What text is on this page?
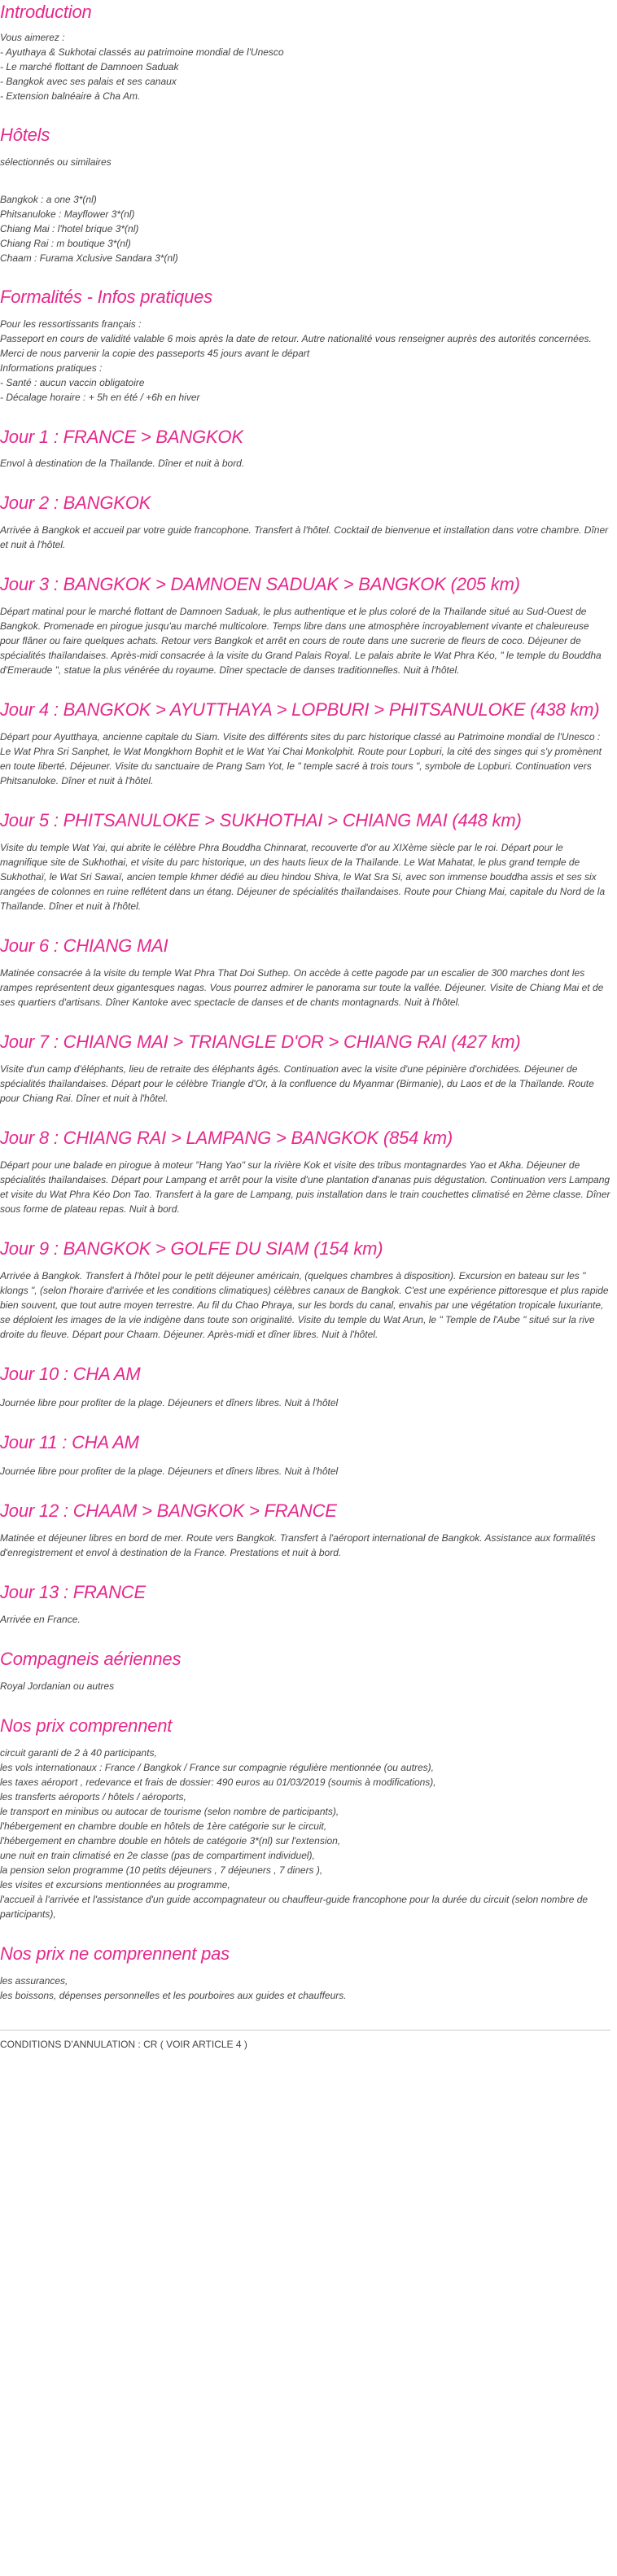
Introduction
Vous aimerez :
- Ayuthaya & Sukhotai classés au patrimoine mondial de l'Unesco
- Le marché flottant de Damnoen Saduak
- Bangkok avec ses palais et ses canaux
- Extension balnéaire à Cha Am.
Hôtels
sélectionnés ou similaires
Bangkok : a one 3*(nl)
Phitsanuloke : Mayflower 3*(nl)
Chiang Mai : l'hotel brique 3*(nl)
Chiang Rai : m boutique 3*(nl)
Chaam : Furama Xclusive Sandara 3*(nl)
Formalités - Infos pratiques
Pour les ressortissants français :
Passeport en cours de validité valable 6 mois après la date de retour. Autre nationalité vous renseigner auprès des autorités concernées.
Merci de nous parvenir la copie des passeports 45 jours avant le départ
Informations pratiques :
- Santé : aucun vaccin obligatoire
- Décalage horaire : + 5h en été / +6h en hiver
Jour 1 : FRANCE > BANGKOK
Envol à destination de la Thaïlande. Dîner et nuit à bord.
Jour 2 : BANGKOK
Arrivée à Bangkok et accueil par votre guide francophone. Transfert à l'hôtel. Cocktail de bienvenue et installation dans votre chambre. Dîner et nuit à l'hôtel.
Jour 3 : BANGKOK > DAMNOEN SADUAK > BANGKOK (205 km)
Départ matinal pour le marché flottant de Damnoen Saduak, le plus authentique et le plus coloré de la Thaïlande situé au Sud-Ouest de Bangkok. Promenade en pirogue jusqu'au marché multicolore. Temps libre dans une atmosphère incroyablement vivante et chaleureuse pour flâner ou faire quelques achats. Retour vers Bangkok et arrêt en cours de route dans une sucrerie de fleurs de coco. Déjeuner de spécialités thaïlandaises. Après-midi consacrée à la visite du Grand Palais Royal. Le palais abrite le Wat Phra Kéo, " le temple du Bouddha d'Emeraude ", statue la plus vénérée du royaume. Dîner spectacle de danses traditionnelles. Nuit à l'hôtel.
Jour 4 : BANGKOK > AYUTTHAYA > LOPBURI > PHITSANULOKE (438 km)
Départ pour Ayutthaya, ancienne capitale du Siam. Visite des différents sites du parc historique classé au Patrimoine mondial de l'Unesco : Le Wat Phra Sri Sanphet, le Wat Mongkhorn Bophit et le Wat Yai Chai Monkolphit. Route pour Lopburi, la cité des singes qui s'y promènent en toute liberté. Déjeuner. Visite du sanctuaire de Prang Sam Yot, le " temple sacré à trois tours ", symbole de Lopburi. Continuation vers Phitsanuloke. Dîner et nuit à l'hôtel.
Jour 5 : PHITSANULOKE > SUKHOTHAI > CHIANG MAI (448 km)
Visite du temple Wat Yai, qui abrite le célèbre Phra Bouddha Chinnarat, recouverte d'or au XIXème siècle par le roi. Départ pour le magnifique site de Sukhothai, et visite du parc historique, un des hauts lieux de la Thaïlande. Le Wat Mahatat, le plus grand temple de Sukhothaï, le Wat Sri Sawaï, ancien temple khmer dédié au dieu hindou Shiva, le Wat Sra Si, avec son immense bouddha assis et ses six rangées de colonnes en ruine reflétent dans un étang. Déjeuner de spécialités thaïlandaises. Route pour Chiang Mai, capitale du Nord de la Thaïlande. Dîner et nuit à l'hôtel.
Jour 6 : CHIANG MAI
Matinée consacrée à la visite du temple Wat Phra That Doi Suthep. On accède à cette pagode par un escalier de 300 marches dont les rampes représentent deux gigantesques nagas. Vous pourrez admirer le panorama sur toute la vallée. Déjeuner. Visite de Chiang Mai et de ses quartiers d'artisans. Dîner Kantoke avec spectacle de danses et de chants montagnards. Nuit à l'hôtel.
Jour 7 : CHIANG MAI > TRIANGLE D'OR > CHIANG RAI (427 km)
Visite d'un camp d'éléphants, lieu de retraite des éléphants âgés. Continuation avec la visite d'une pépinière d'orchidées. Déjeuner de spécialités thaïlandaises. Départ pour le célèbre Triangle d'Or, à la confluence du Myanmar (Birmanie), du Laos et de la Thaïlande. Route pour Chiang Rai. Dîner et nuit à l'hôtel.
Jour 8 : CHIANG RAI > LAMPANG > BANGKOK (854 km)
Départ pour une balade en pirogue à moteur "Hang Yao" sur la rivière Kok et visite des tribus montagnardes Yao et Akha. Déjeuner de spécialités thaïlandaises. Départ pour Lampang et arrêt pour la visite d'une plantation d'ananas puis dégustation. Continuation vers Lampang et visite du Wat Phra Kéo Don Tao. Transfert à la gare de Lampang, puis installation dans le train couchettes climatisé en 2ème classe. Dîner sous forme de plateau repas. Nuit à bord.
Jour 9 : BANGKOK > GOLFE DU SIAM (154 km)
Arrivée à Bangkok. Transfert à l'hôtel pour le petit déjeuner américain, (quelques chambres à disposition). Excursion en bateau sur les " klongs ", (selon l'horaire d'arrivée et les conditions climatiques) célèbres canaux de Bangkok. C'est une expérience pittoresque et plus rapide bien souvent, que tout autre moyen terrestre. Au fil du Chao Phraya, sur les bords du canal, envahis par une végétation tropicale luxuriante, se déploient les images de la vie indigène dans toute son originalité. Visite du temple du Wat Arun, le " Temple de l'Aube " situé sur la rive droite du fleuve. Départ pour Chaam. Déjeuner. Après-midi et dîner libres. Nuit à l'hôtel.
Jour 10 : CHA AM
Journée libre pour profiter de la plage. Déjeuners et dîners libres. Nuit à l'hôtel
Jour 11 : CHA AM
Journée libre pour profiter de la plage. Déjeuners et dîners libres. Nuit à l'hôtel
Jour 12 : CHAAM > BANGKOK > FRANCE
Matinée et déjeuner libres en bord de mer. Route vers Bangkok. Transfert à l'aéroport international de Bangkok. Assistance aux formalités d'enregistrement et envol à destination de la France. Prestations et nuit à bord.
Jour 13 : FRANCE
Arrivée en France.
Compagneis aériennes
Royal Jordanian ou autres
Nos prix comprennent
circuit garanti de 2 à 40 participants,
les vols internationaux : France / Bangkok / France sur compagnie régulière mentionnée (ou autres),
les taxes aéroport , redevance et frais de dossier: 490 euros au 01/03/2019 (soumis à modifications),
les transferts aéroports / hôtels / aéroports,
le transport en minibus ou autocar de tourisme (selon nombre de participants),
l'hébergement en chambre double en hôtels de 1ère catégorie sur le circuit,
l'hébergement en chambre double en hôtels de catégorie 3*(nl) sur l'extension,
une nuit en train climatisé en 2e classe (pas de compartiment individuel),
la pension selon programme (10 petits déjeuners , 7 déjeuners , 7 diners ),
les visites et excursions mentionnées au programme,
l'accueil à l'arrivée et l'assistance d'un guide accompagnateur ou chauffeur-guide francophone pour la durée du circuit (selon nombre de participants),
Nos prix ne comprennent pas
les assurances,
les boissons, dépenses personnelles et les pourboires aux guides et chauffeurs.

CONDITIONS D'ANNULATION : CR ( VOIR ARTICLE 4 )
